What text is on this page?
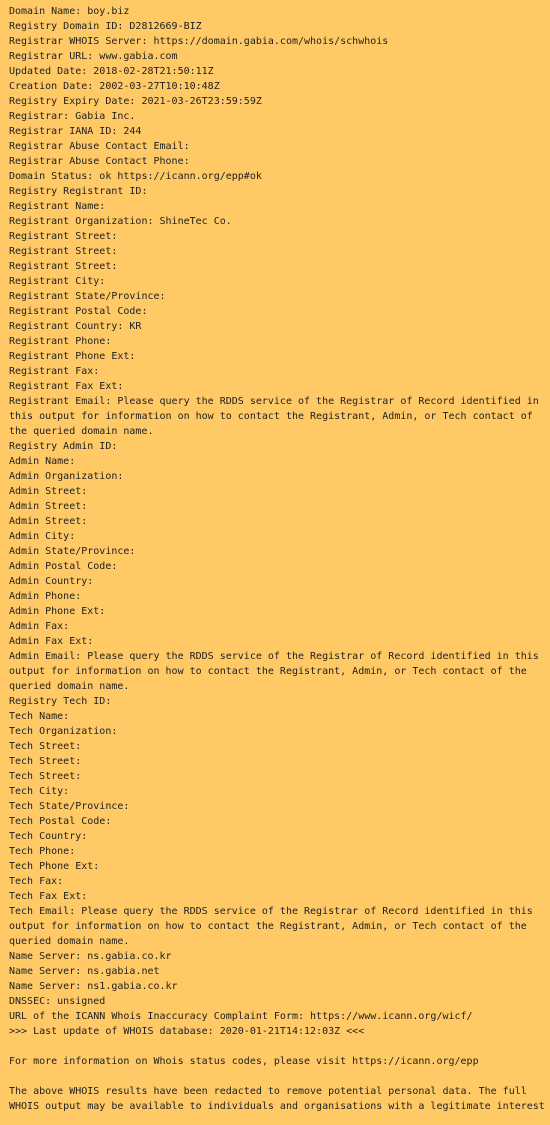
Domain Name: boy.biz
Registry Domain ID: D2812669-BIZ
Registrar WHOIS Server: https://domain.gabia.com/whois/schwhois
Registrar URL: www.gabia.com
Updated Date: 2018-02-28T21:50:11Z
Creation Date: 2002-03-27T10:10:48Z
Registry Expiry Date: 2021-03-26T23:59:59Z
Registrar: Gabia Inc.
Registrar IANA ID: 244
Registrar Abuse Contact Email:
Registrar Abuse Contact Phone:
Domain Status: ok https://icann.org/epp#ok
Registry Registrant ID:
Registrant Name:
Registrant Organization: ShineTec Co.
Registrant Street:
Registrant Street:
Registrant Street:
Registrant City:
Registrant State/Province:
Registrant Postal Code:
Registrant Country: KR
Registrant Phone:
Registrant Phone Ext:
Registrant Fax:
Registrant Fax Ext:
Registrant Email: Please query the RDDS service of the Registrar of Record identified in
this output for information on how to contact the Registrant, Admin, or Tech contact of
the queried domain name.
Registry Admin ID:
Admin Name:
Admin Organization:
Admin Street:
Admin Street:
Admin Street:
Admin City:
Admin State/Province:
Admin Postal Code:
Admin Country:
Admin Phone:
Admin Phone Ext:
Admin Fax:
Admin Fax Ext:
Admin Email: Please query the RDDS service of the Registrar of Record identified in this
output for information on how to contact the Registrant, Admin, or Tech contact of the
queried domain name.
Registry Tech ID:
Tech Name:
Tech Organization:
Tech Street:
Tech Street:
Tech Street:
Tech City:
Tech State/Province:
Tech Postal Code:
Tech Country:
Tech Phone:
Tech Phone Ext:
Tech Fax:
Tech Fax Ext:
Tech Email: Please query the RDDS service of the Registrar of Record identified in this
output for information on how to contact the Registrant, Admin, or Tech contact of the
queried domain name.
Name Server: ns.gabia.co.kr
Name Server: ns.gabia.net
Name Server: ns1.gabia.co.kr
DNSSEC: unsigned
URL of the ICANN Whois Inaccuracy Complaint Form: https://www.icann.org/wicf/
>>> Last update of WHOIS database: 2020-01-21T14:12:03Z <<<
For more information on Whois status codes, please visit https://icann.org/epp
The above WHOIS results have been redacted to remove potential personal data. The full
WHOIS output may be available to individuals and organisations with a legitimate interest
